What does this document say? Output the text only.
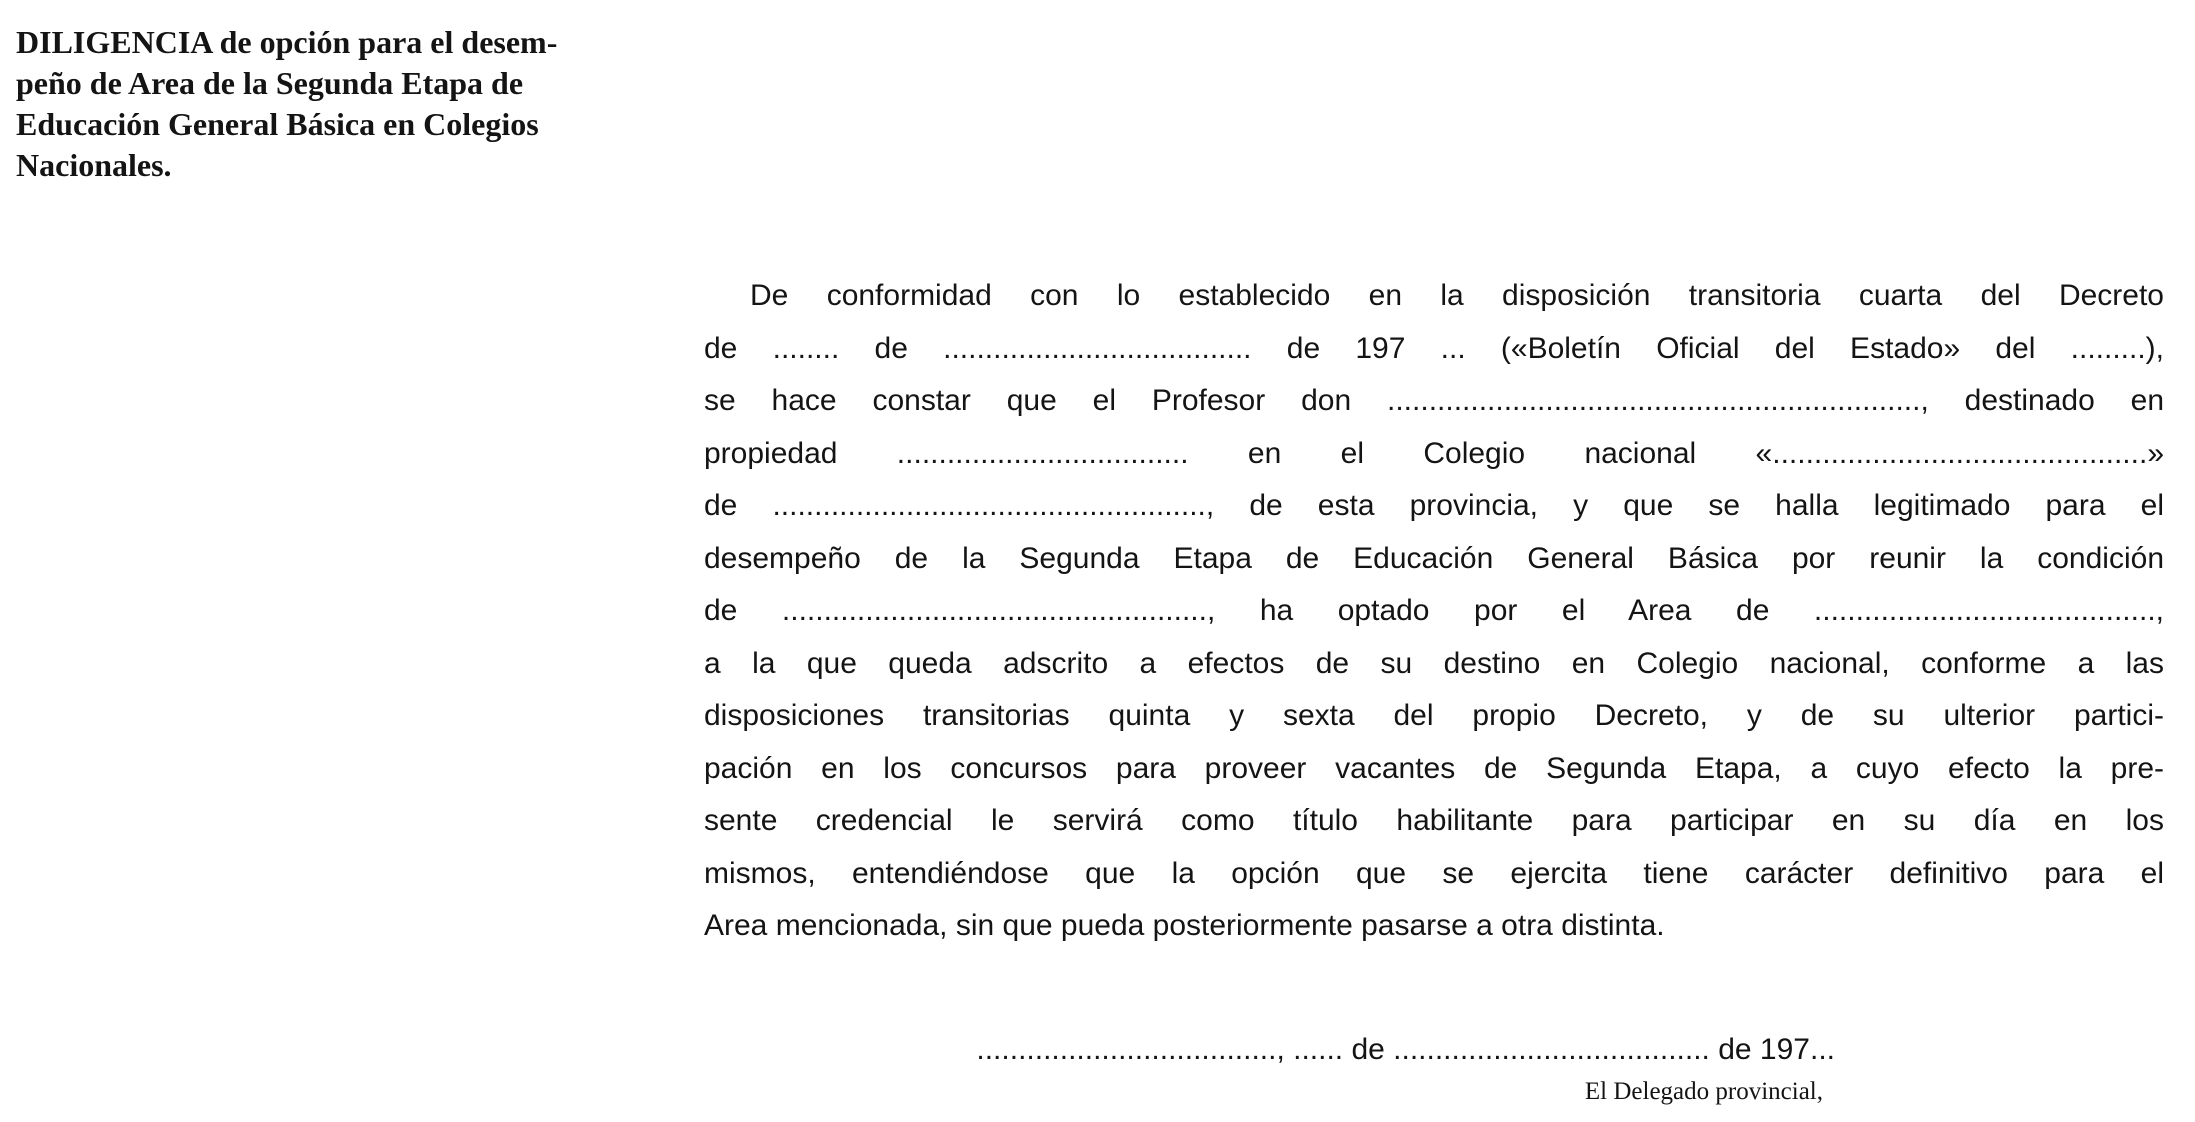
DILIGENCIA de opción para el desem-
peño de Area de la Segunda Etapa de
Educación General Básica en Colegios
Nacionales.
De conformidad con lo establecido en la disposición transitoria cuarta del Decreto
de ........ de ..................................... de 197 ... («Boletín Oficial del Estado» del .........),
se hace constar que el Profesor don ................................................................, destinado en
propiedad ................................... en el Colegio nacional «.............................................»
de ...................................................., de esta provincia, y que se halla legitimado para el
desempeño de la Segunda Etapa de Educación General Básica por reunir la condición
de ..................................................., ha optado por el Area de .........................................,
a la que queda adscrito a efectos de su destino en Colegio nacional, conforme a las
disposiciones transitorias quinta y sexta del propio Decreto, y de su ulterior partici-
pación en los concursos para proveer vacantes de Segunda Etapa, a cuyo efecto la pre-
sente credencial le servirá como título habilitante para participar en su día en los
mismos, entendiéndose que la opción que se ejercita tiene carácter definitivo para el
Area mencionada, sin que pueda posteriormente pasarse a otra distinta.
...................................., ...... de ...................................... de 197...
El Delegado provincial,
